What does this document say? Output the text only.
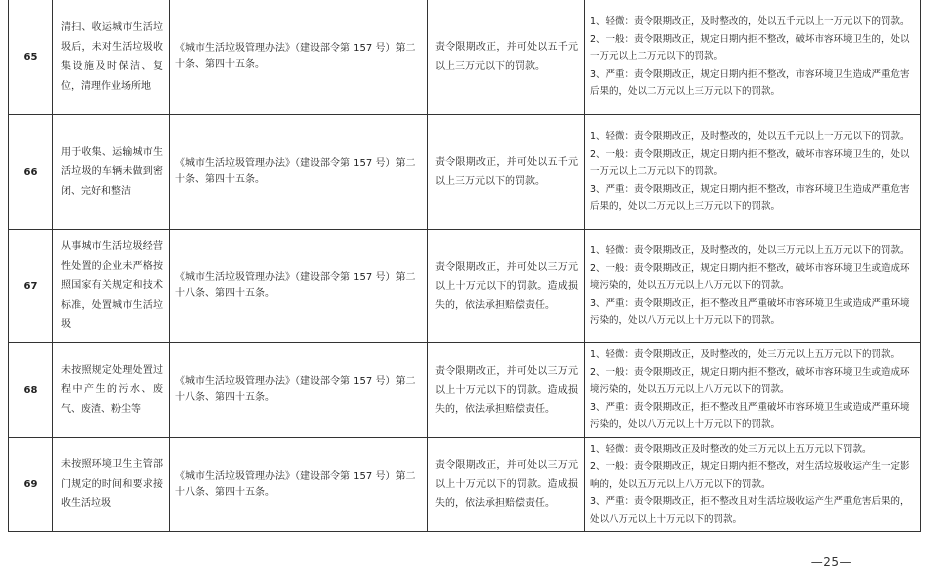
65	清扫、收运城市生活垃圾后，未对生活垃圾收集设施及时保洁、复位，清理作业场所地	《城市生活垃圾管理办法》（建设部令第 157 号）第二十条、第四十五条。	责令限期改正，并可处以五千元以上三万元以下的罚款。	1、轻微：责令限期改正，及时整改的，处以五千元以上一万元以下的罚款。
2、一般：责令限期改正，规定日期内拒不整改，破坏市容环境卫生的，处以一万元以上二万元以下的罚款。
3、严重：责令限期改正，规定日期内拒不整改，市容环境卫生造成严重危害后果的，处以二万元以上三万元以下的罚款。

66	用于收集、运输城市生活垃圾的车辆未做到密闭、完好和整洁	《城市生活垃圾管理办法》（建设部令第 157 号）第二十条、第四十五条。	责令限期改正，并可处以五千元以上三万元以下的罚款。	1、轻微：责令限期改正，及时整改的，处以五千元以上一万元以下的罚款。
2、一般：责令限期改正，规定日期内拒不整改，破坏市容环境卫生的，处以一万元以上二万元以下的罚款。
3、严重：责令限期改正，规定日期内拒不整改，市容环境卫生造成严重危害后果的，处以二万元以上三万元以下的罚款。

67	从事城市生活垃圾经营性处置的企业未严格按照国家有关规定和技术标准，处置城市生活垃圾	《城市生活垃圾管理办法》（建设部令第 157 号）第二十八条、第四十五条。	责令限期改正，并可处以三万元以上十万元以下的罚款。造成损失的，依法承担赔偿责任。	1、轻微：责令限期改正，及时整改的，处以三万元以上五万元以下的罚款。
2、一般：责令限期改正，规定日期内拒不整改，破坏市容环境卫生或造成环境污染的，处以五万元以上八万元以下的罚款。
3、严重：责令限期改正，拒不整改且严重破坏市容环境卫生或造成严重环境污染的，处以八万元以上十万元以下的罚款。

68	未按照规定处理处置过程中产生的污水、废气、废渣、粉尘等	《城市生活垃圾管理办法》（建设部令第 157 号）第二十八条、第四十五条。	责令限期改正，并可处以三万元以上十万元以下的罚款。造成损失的，依法承担赔偿责任。	1、轻微：责令限期改正，及时整改的，处三万元以上五万元以下的罚款。
2、一般：责令限期改正，规定日期内拒不整改，破坏市容环境卫生或造成环境污染的，处以五万元以上八万元以下的罚款。
3、严重：责令限期改正，拒不整改且严重破坏市容环境卫生或造成严重环境污染的，处以八万元以上十万元以下的罚款。

69	未按照环境卫生主管部门规定的时间和要求接收生活垃圾	《城市生活垃圾管理办法》（建设部令第 157 号）第二十八条、第四十五条。	责令限期改正，并可处以三万元以上十万元以下的罚款。造成损失的，依法承担赔偿责任。	1、轻微：责令限期改正及时整改的处三万元以上五万元以下罚款。
2、一般：责令限期改正，规定日期内拒不整改，对生活垃圾收运产生一定影响的，处以五万元以上八万元以下的罚款。
3、严重：责令限期改正，拒不整改且对生活垃圾收运产生严重危害后果的，处以八万元以上十万元以下的罚款。
—25—
